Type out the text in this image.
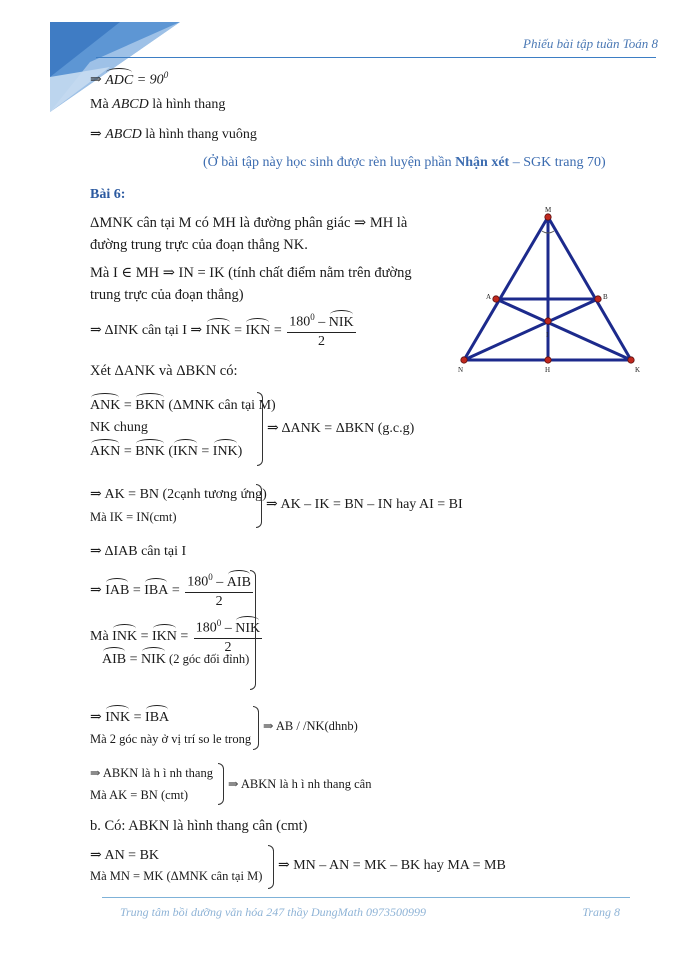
Phiếu bài tập tuần Toán 8
⇒ ADC = $90^0$
Mà ABCD là hình thang
⇒ ABCD là hình thang vuông
(Ở bài tập này học sinh được rèn luyện phần Nhận xét – SGK trang 70)
Bài 6:
ΔMNK cân tại M có MH là đường phân giác ⇒ MH là đường trung trực của đoạn thẳng NK.
Mà I ∈ MH ⇒ IN = IK (tính chất điểm nằm trên đường trung trực của đoạn thẳng)
⇒ ΔINK cân tại I ⇒ INK = IKN = $\frac{180^0 - NIK}{2}$
Xét ΔANK và ΔBKN có:
M
A	B
I
N	H	K
ANK = BKN (ΔMNK cân tại M)
NK chung
AKN = BNK (IKN = INK)
⇒ ΔANK = ΔBKN (g.c.g)
⇒ AK = BN (2cạnh tương ứng)
Mà IK = IN(cmt)
⇒ AK – IK = BN – IN hay AI = BI
⇒ ΔIAB cân tại I
⇒ IAB = IBA = $\frac{180^0 - AIB}{2}$
Mà INK = IKN = $\frac{180^0 - NIK}{2}$
AIB = NIK (2 góc đối đỉnh)
⇒ INK = IBA
Mà 2 góc này ở vị trí so le trong
⇒ AB / /NK(dhnb)
⇒ ABKN là h ì nh thang
Mà AK = BN (cmt)
⇒ ABKN là h ì nh thang cân
b. Có: ABKN là hình thang cân (cmt)
⇒ AN = BK
Mà MN = MK (ΔMNK cân tại M)
⇒ MN – AN = MK – BK hay MA = MB
Trung tâm bồi dưỡng văn hóa 247 thầy DungMath 0973500999	Trang 8
